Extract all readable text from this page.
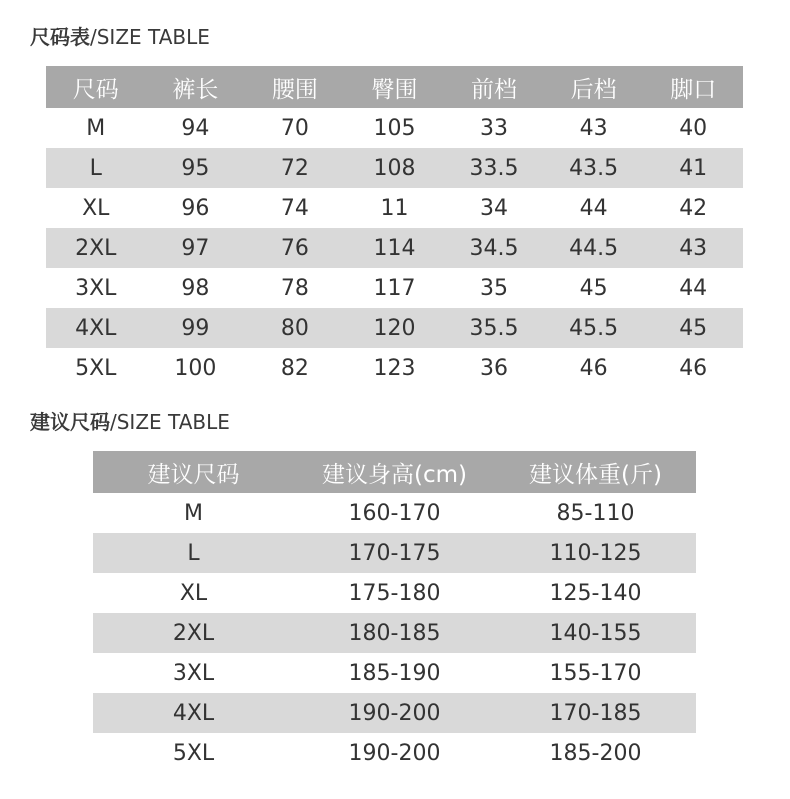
尺码表/SIZE TABLE
尺码	裤长	腰围	臀围	前档	后档	脚口
M	94	70	105	33	43	40
L	95	72	108	33.5	43.5	41
XL	96	74	11	34	44	42
2XL	97	76	114	34.5	44.5	43
3XL	98	78	117	35	45	44
4XL	99	80	120	35.5	45.5	45
5XL	100	82	123	36	46	46
建议尺码/SIZE TABLE
建议尺码	建议身高(cm)	建议体重(斤)
M	160-170	85-110
L	170-175	110-125
XL	175-180	125-140
2XL	180-185	140-155
3XL	185-190	155-170
4XL	190-200	170-185
5XL	190-200	185-200
